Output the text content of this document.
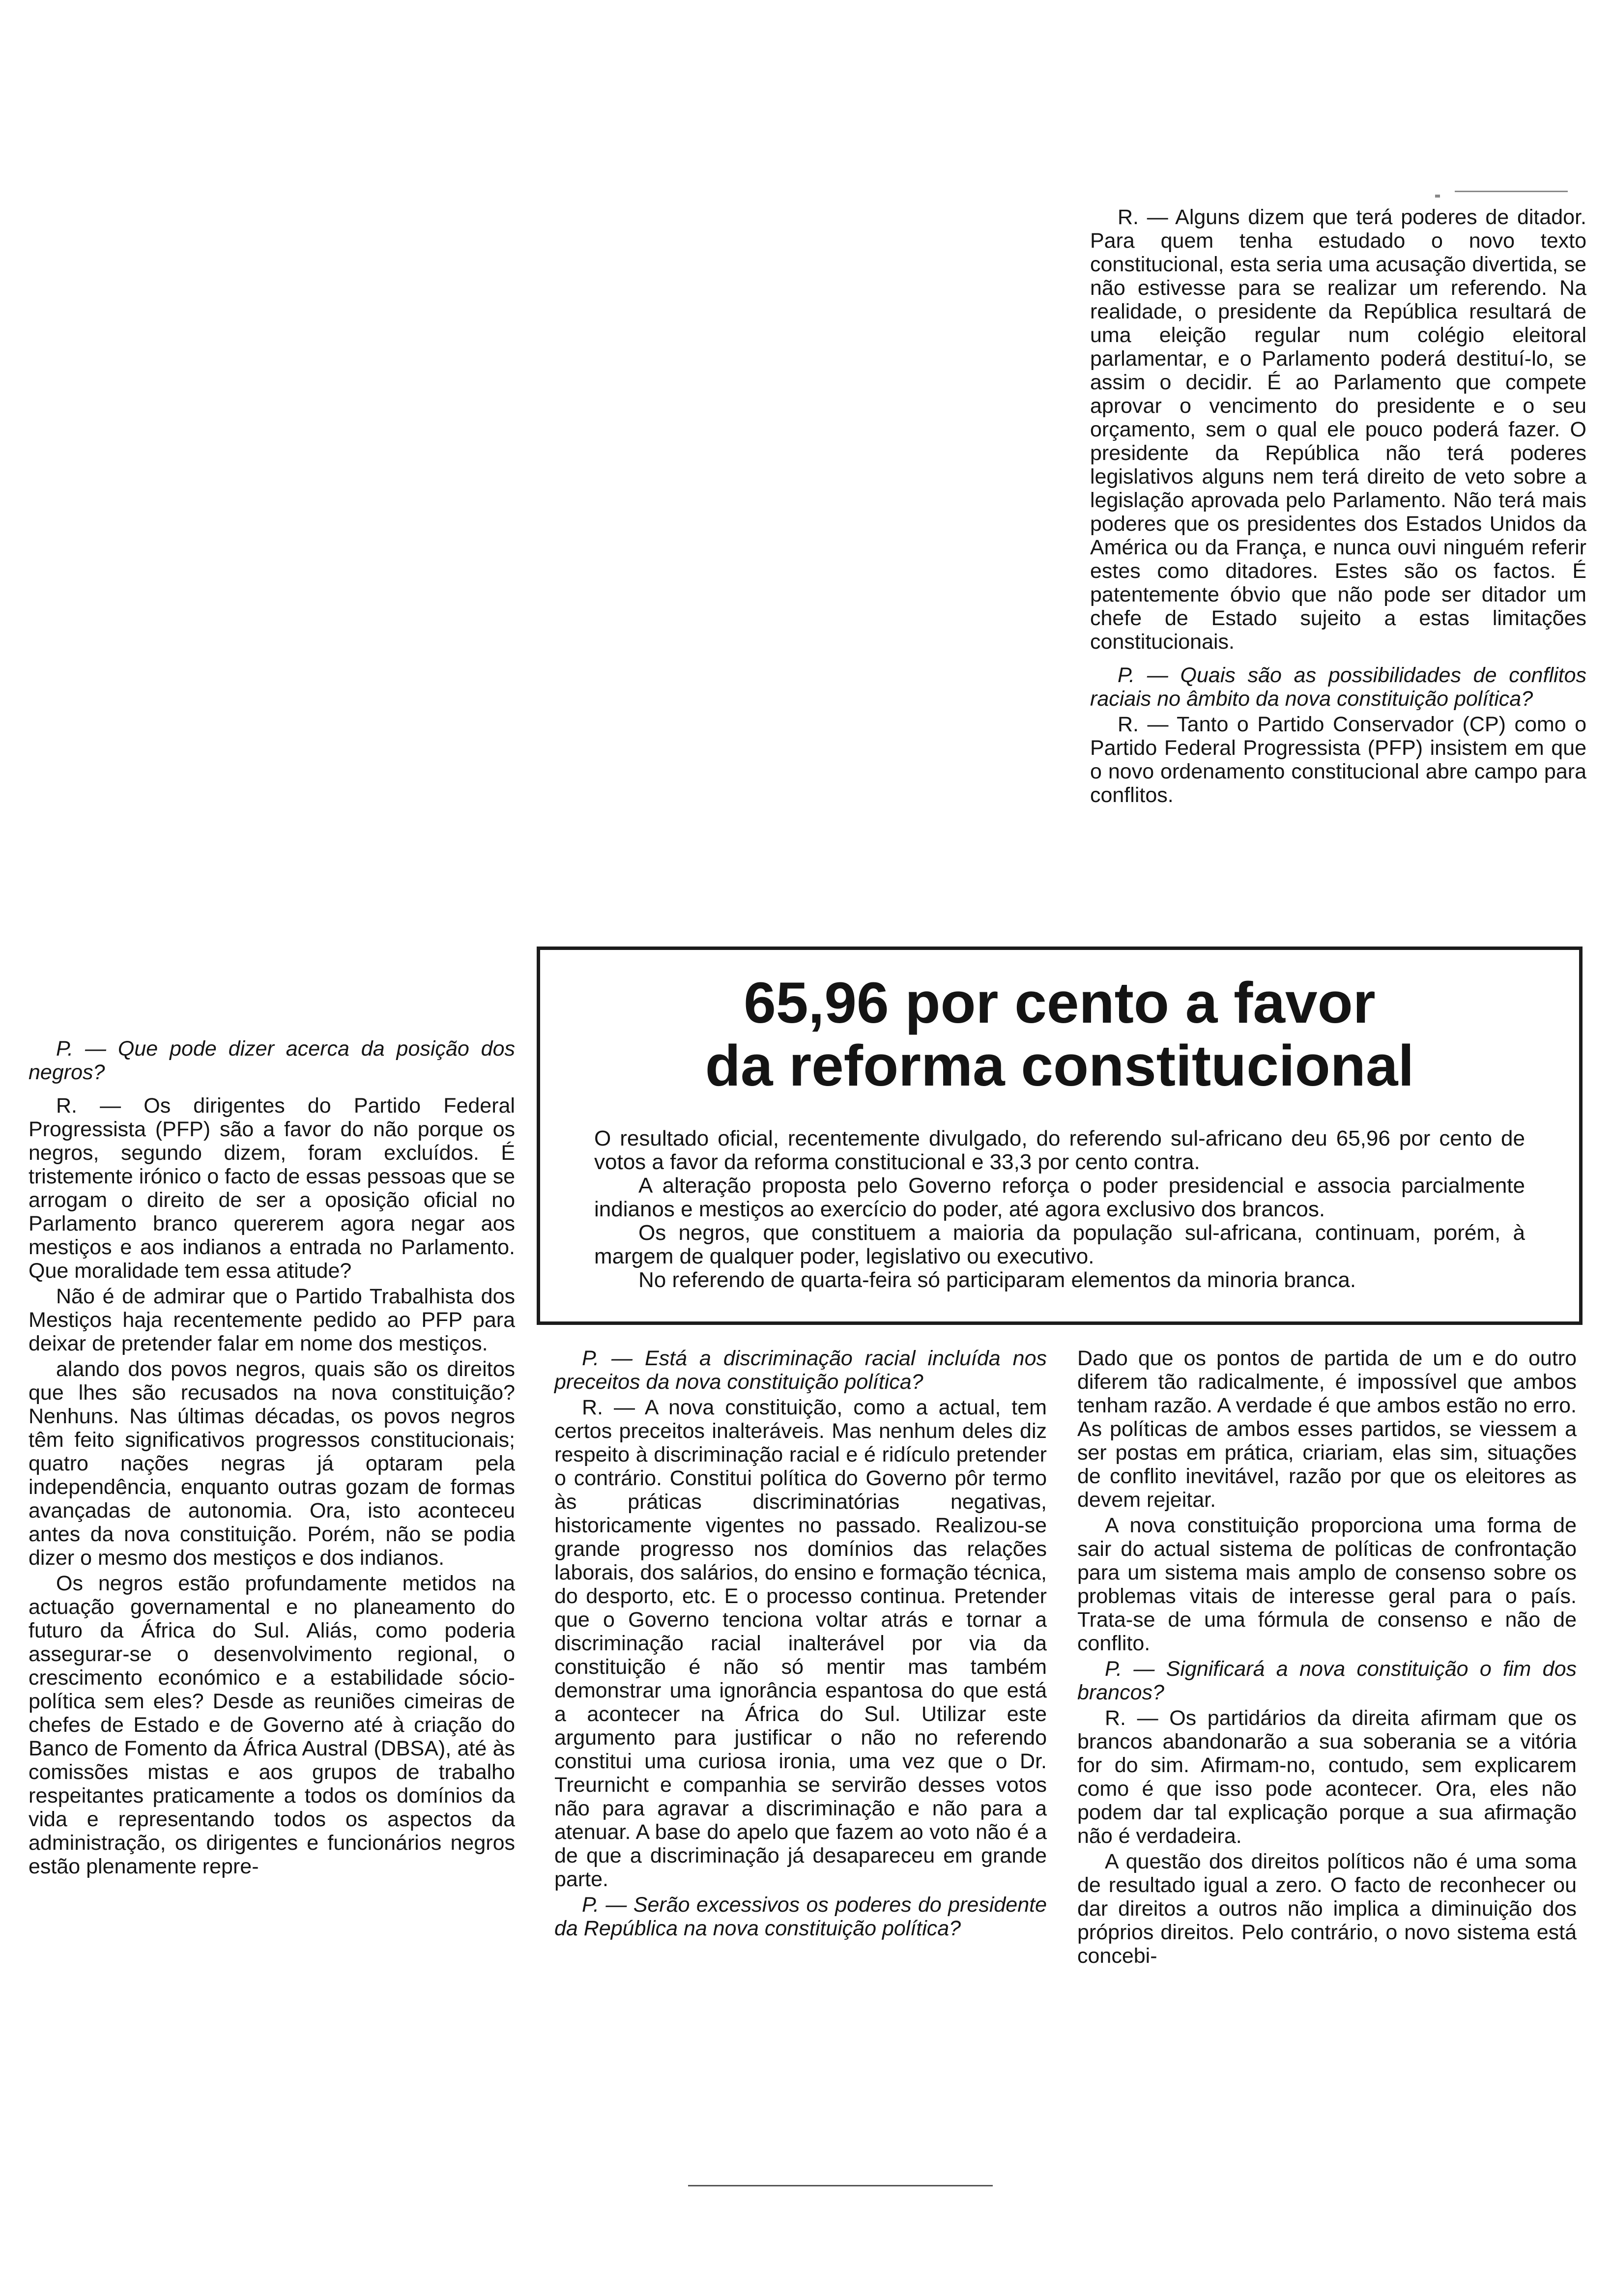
R. — Alguns dizem que terá poderes de ditador. Para quem tenha estudado o novo texto constitucional, esta seria uma acusação divertida, se não estivesse para se realizar um referendo. Na realidade, o presidente da República resultará de uma eleição regular num colégio eleitoral parlamentar, e o Parlamento poderá destituí-lo, se assim o decidir. É ao Parlamento que compete aprovar o vencimento do presidente e o seu orçamento, sem o qual ele pouco poderá fazer. O presidente da República não terá poderes legislativos alguns nem terá direito de veto sobre a legislação aprovada pelo Parlamento. Não terá mais poderes que os presidentes dos Estados Unidos da América ou da França, e nunca ouvi ninguém referir estes como ditadores. Estes são os factos. É patentemente óbvio que não pode ser ditador um chefe de Estado sujeito a estas limitações constitucionais.

P. — Quais são as possibilidades de conflitos raciais no âmbito da nova constituição política?

R. — Tanto o Partido Conservador (CP) como o Partido Federal Progressista (PFP) insistem em que o novo ordenamento constitucional abre campo para conflitos.

65,96 por cento a favor
da reforma constitucional

O resultado oficial, recentemente divulgado, do referendo sul-africano deu 65,96 por cento de votos a favor da reforma constitucional e 33,3 por cento contra.

A alteração proposta pelo Governo reforça o poder presidencial e associa parcialmente indianos e mestiços ao exercício do poder, até agora exclusivo dos brancos.

Os negros, que constituem a maioria da população sul-africana, continuam, porém, à margem de qualquer poder, legislativo ou executivo.

No referendo de quarta-feira só participaram elementos da minoria branca.

P. — Que pode dizer acerca da posição dos negros?

R. — Os dirigentes do Partido Federal Progressista (PFP) são a favor do não porque os negros, segundo dizem, foram excluídos. É tristemente irónico o facto de essas pessoas que se arrogam o direito de ser a oposição oficial no Parlamento branco quererem agora negar aos mestiços e aos indianos a entrada no Parlamento. Que moralidade tem essa atitude?

Não é de admirar que o Partido Trabalhista dos Mestiços haja recentemente pedido ao PFP para deixar de pretender falar em nome dos mestiços.

alando dos povos negros, quais são os direitos que lhes são recusados na nova constituição? Nenhuns. Nas últimas décadas, os povos negros têm feito significativos progressos constitucionais; quatro nações negras já optaram pela independência, enquanto outras gozam de formas avançadas de autonomia. Ora, isto aconteceu antes da nova constituição. Porém, não se podia dizer o mesmo dos mestiços e dos indianos.

Os negros estão profundamente metidos na actuação governamental e no planeamento do futuro da África do Sul. Aliás, como poderia assegurar-se o desenvolvimento regional, o crescimento económico e a estabilidade sócio-política sem eles? Desde as reuniões cimeiras de chefes de Estado e de Governo até à criação do Banco de Fomento da África Austral (DBSA), até às comissões mistas e aos grupos de trabalho respeitantes praticamente a todos os domínios da vida e representando todos os aspectos da administração, os dirigentes e funcionários negros estão plenamente repre-

P. — Está a discriminação racial incluída nos preceitos da nova constituição política?

R. — A nova constituição, como a actual, tem certos preceitos inalteráveis. Mas nenhum deles diz respeito à discriminação racial e é ridículo pretender o contrário. Constitui política do Governo pôr termo às práticas discriminatórias negativas, historicamente vigentes no passado. Realizou-se grande progresso nos domínios das relações laborais, dos salários, do ensino e formação técnica, do desporto, etc. E o processo continua. Pretender que o Governo tenciona voltar atrás e tornar a discriminação racial inalterável por via da constituição é não só mentir mas também demonstrar uma ignorância espantosa do que está a acontecer na África do Sul. Utilizar este argumento para justificar o não no referendo constitui uma curiosa ironia, uma vez que o Dr. Treurnicht e companhia se servirão desses votos não para agravar a discriminação e não para a atenuar. A base do apelo que fazem ao voto não é a de que a discriminação já desapareceu em grande parte.

P. — Serão excessivos os poderes do presidente da República na nova constituição política?

Dado que os pontos de partida de um e do outro diferem tão radicalmente, é impossível que ambos tenham razão. A verdade é que ambos estão no erro. As políticas de ambos esses partidos, se viessem a ser postas em prática, criariam, elas sim, situações de conflito inevitável, razão por que os eleitores as devem rejeitar.

A nova constituição proporciona uma forma de sair do actual sistema de políticas de confrontação para um sistema mais amplo de consenso sobre os problemas vitais de interesse geral para o país. Trata-se de uma fórmula de consenso e não de conflito.

P. — Significará a nova constituição o fim dos brancos?

R. — Os partidários da direita afirmam que os brancos abandonarão a sua soberania se a vitória for do sim. Afirmam-no, contudo, sem explicarem como é que isso pode acontecer. Ora, eles não podem dar tal explicação porque a sua afirmação não é verdadeira.

A questão dos direitos políticos não é uma soma de resultado igual a zero. O facto de reconhecer ou dar direitos a outros não implica a diminuição dos próprios direitos. Pelo contrário, o novo sistema está concebi-
